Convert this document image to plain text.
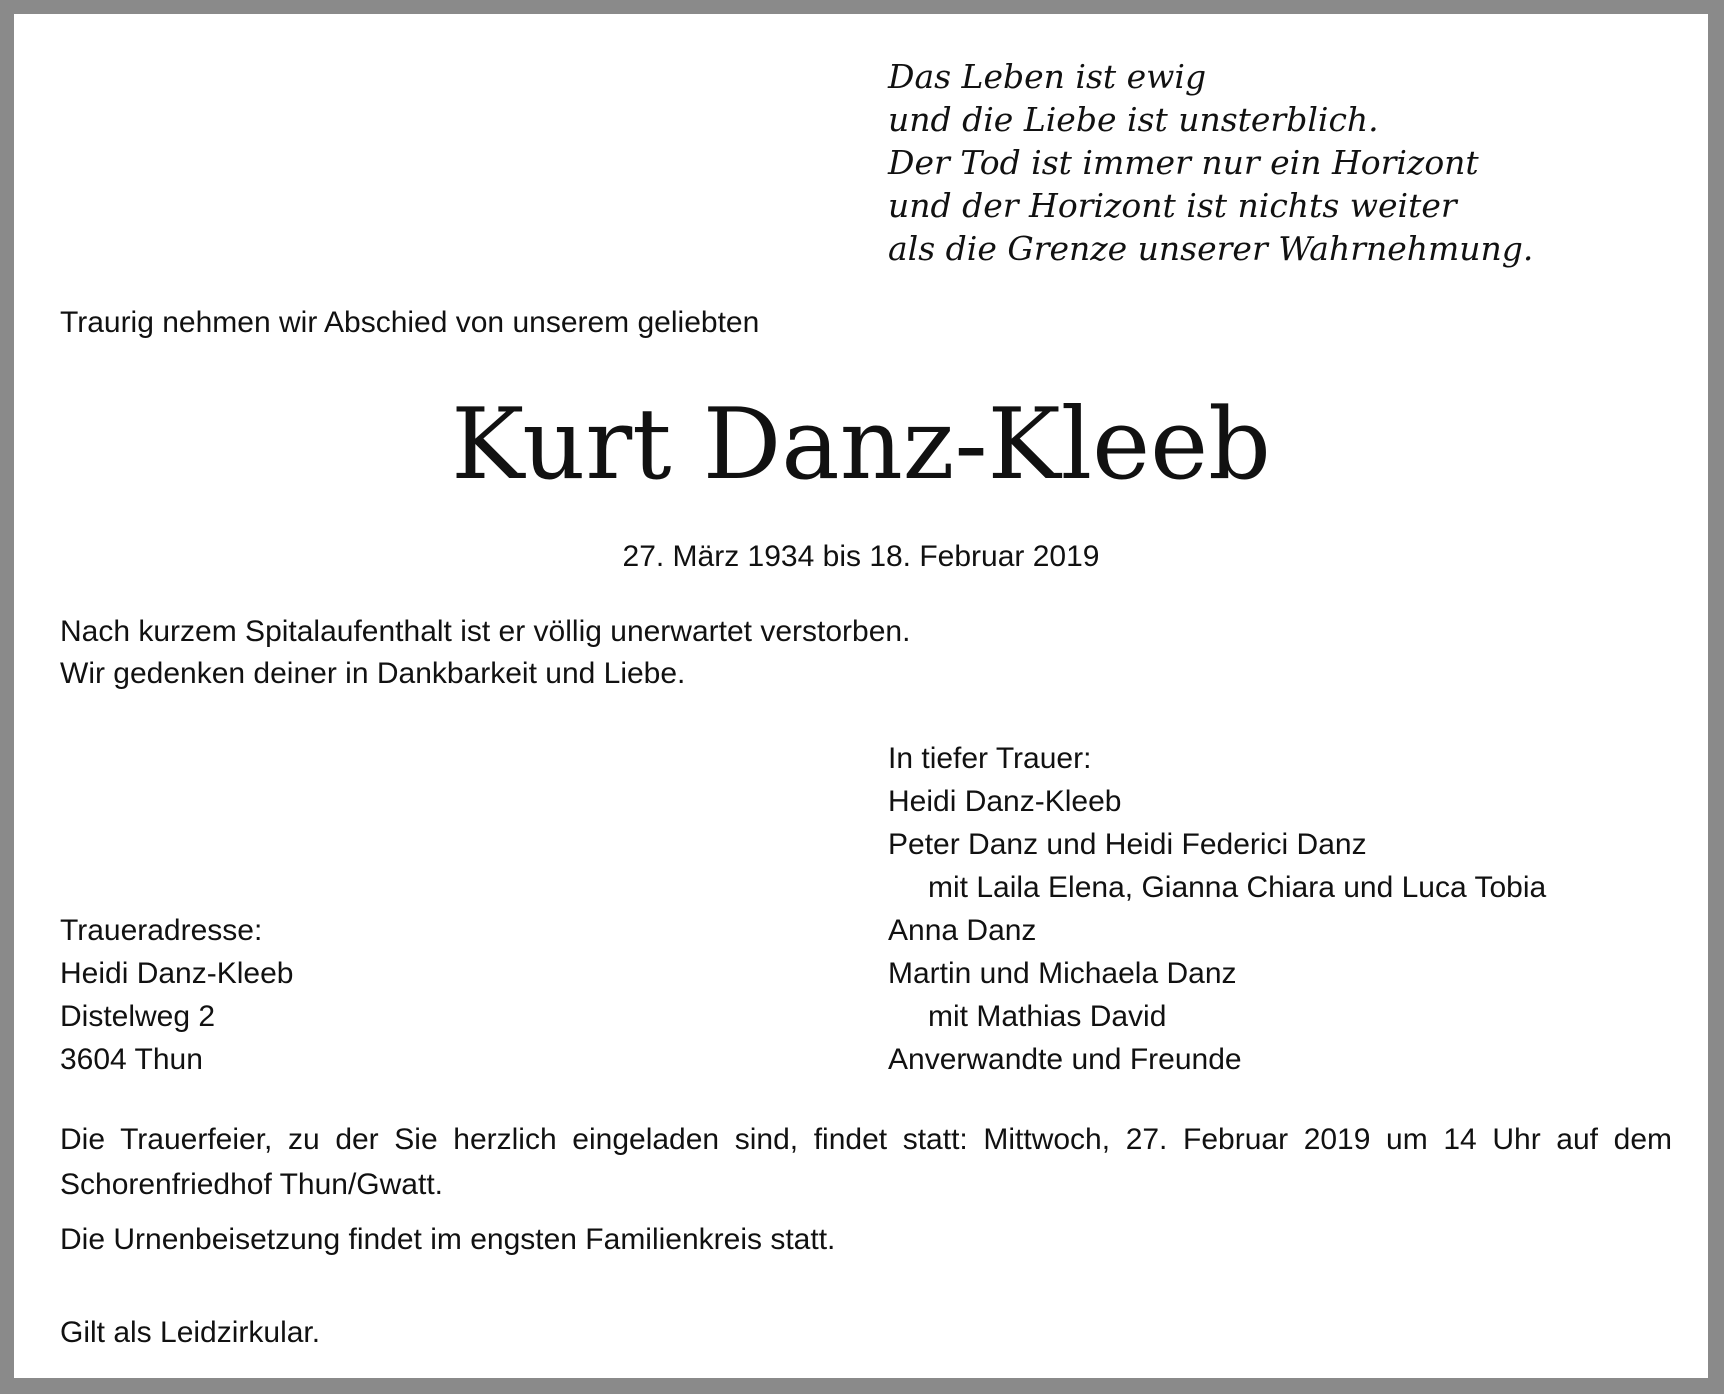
Das Leben ist ewig
und die Liebe ist unsterblich.
Der Tod ist immer nur ein Horizont
und der Horizont ist nichts weiter
als die Grenze unserer Wahrnehmung.
Traurig nehmen wir Abschied von unserem geliebten
Kurt Danz-Kleeb
27. März 1934 bis 18. Februar 2019
Nach kurzem Spitalaufenthalt ist er völlig unerwartet verstorben.
Wir gedenken deiner in Dankbarkeit und Liebe.
In tiefer Trauer:
Heidi Danz-Kleeb
Peter Danz und Heidi Federici Danz
mit Laila Elena, Gianna Chiara und Luca Tobia
Anna Danz
Martin und Michaela Danz
mit Mathias David
Anverwandte und Freunde
Traueradresse:
Heidi Danz-Kleeb
Distelweg 2
3604 Thun
Die Trauerfeier, zu der Sie herzlich eingeladen sind, findet statt: Mittwoch, 27. Februar 2019 um 14 Uhr auf dem Schorenfriedhof Thun/Gwatt.
Die Urnenbeisetzung findet im engsten Familienkreis statt.
Gilt als Leidzirkular.
